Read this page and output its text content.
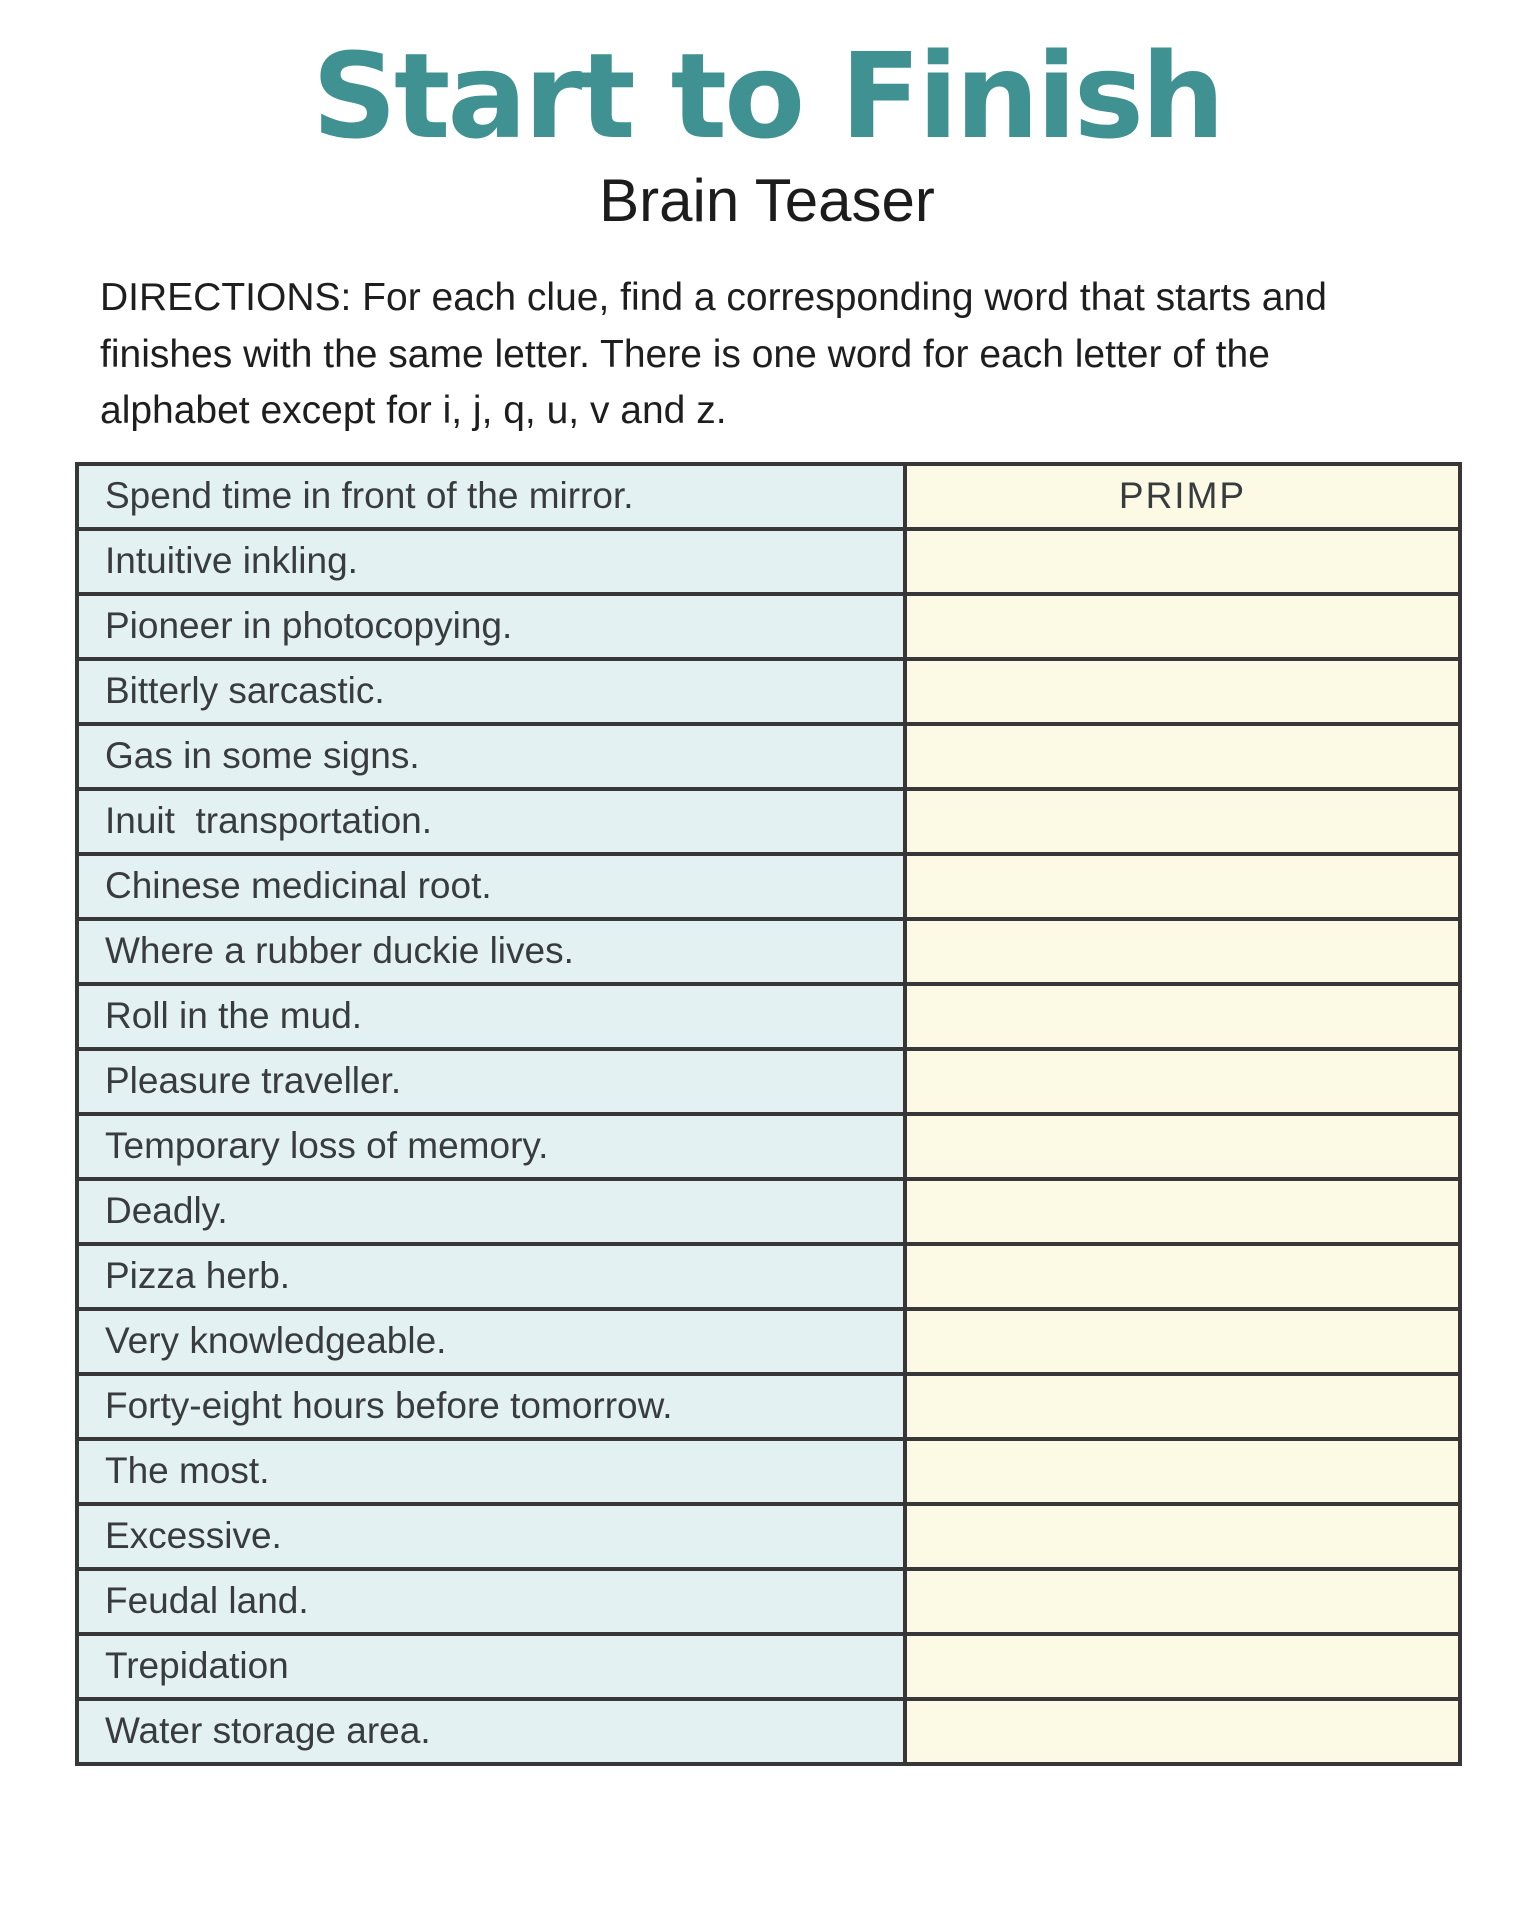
Start to Finish
Brain Teaser
DIRECTIONS: For each clue, find a corresponding word that starts and
finishes with the same letter. There is one word for each letter of the
alphabet except for i, j, q, u, v and z.
Spend time in front of the mirror.	PRIMP
Intuitive inkling.	
Pioneer in photocopying.	
Bitterly sarcastic.	
Gas in some signs.	
Inuit  transportation.	
Chinese medicinal root.	
Where a rubber duckie lives.	
Roll in the mud.	
Pleasure traveller.	
Temporary loss of memory.	
Deadly.	
Pizza herb.	
Very knowledgeable.	
Forty-eight hours before tomorrow.	
The most.	
Excessive.	
Feudal land.	
Trepidation	
Water storage area.	
